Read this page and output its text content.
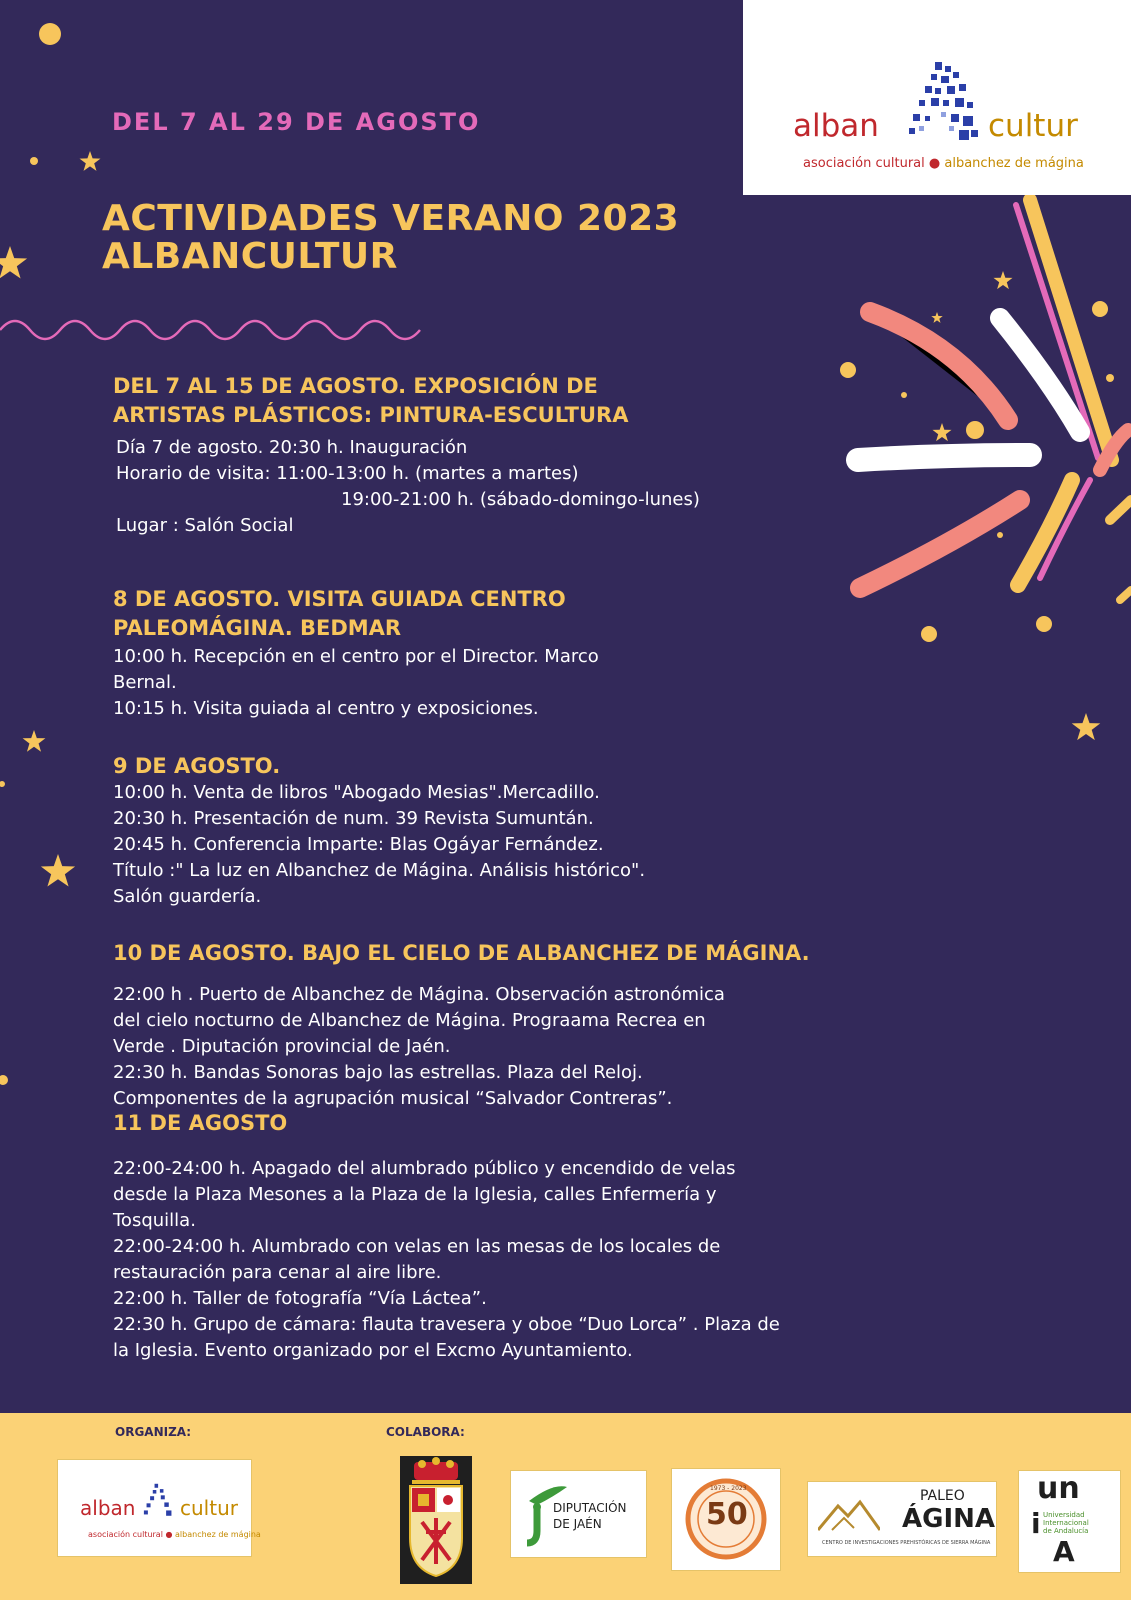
alban	cultur
asociación cultural ● albanchez de mágina
DEL 7 AL 29 DE AGOSTO
ACTIVIDADES VERANO 2023
ALBANCULTUR
DEL 7 AL 15 DE AGOSTO. EXPOSICIÓN DE
ARTISTAS PLÁSTICOS: PINTURA-ESCULTURA
Día 7 de agosto. 20:30 h. Inauguración
Horario de visita: 11:00-13:00 h. (martes a martes)
19:00-21:00 h. (sábado-domingo-lunes)
Lugar : Salón Social
8 DE AGOSTO. VISITA GUIADA CENTRO
PALEOMÁGINA. BEDMAR
10:00 h. Recepción en el centro por el Director. Marco
Bernal.
10:15 h. Visita guiada al centro y exposiciones.
9 DE AGOSTO.
10:00 h. Venta de libros "Abogado Mesias".Mercadillo.
20:30 h. Presentación de num. 39 Revista Sumuntán.
20:45 h. Conferencia Imparte: Blas Ogáyar Fernández.
Título :" La luz en Albanchez de Mágina. Análisis histórico".
Salón guardería.
10 DE AGOSTO. BAJO EL CIELO DE ALBANCHEZ DE MÁGINA.
22:00 h . Puerto de Albanchez de Mágina. Observación astronómica
del cielo nocturno de Albanchez de Mágina. Prograama Recrea en
Verde . Diputación provincial de Jaén.
22:30 h. Bandas Sonoras bajo las estrellas. Plaza del Reloj.
Componentes de la agrupación musical “Salvador Contreras”.
11 DE AGOSTO
22:00-24:00 h. Apagado del alumbrado público y encendido de velas
desde la Plaza Mesones a la Plaza de la Iglesia, calles Enfermería y
Tosquilla.
22:00-24:00 h. Alumbrado con velas en las mesas de los locales de
restauración para cenar al aire libre.
22:00 h. Taller de fotografía “Vía Láctea”.
22:30 h. Grupo de cámara: flauta travesera y oboe “Duo Lorca” . Plaza de
la Iglesia. Evento organizado por el Excmo Ayuntamiento.
ORGANIZA:	COLABORA:
alban cultur
asociación cultural ● albanchez de mágina
DIPUTACIÓN
DE JAÉN	50
1973 - 2023	PALEO
ÁGINA
CENTRO DE INVESTIGACIONES PREHISTÓRICAS DE SIERRA MÁGINA
un
i Universidad
Internacional
de Andalucía
A
